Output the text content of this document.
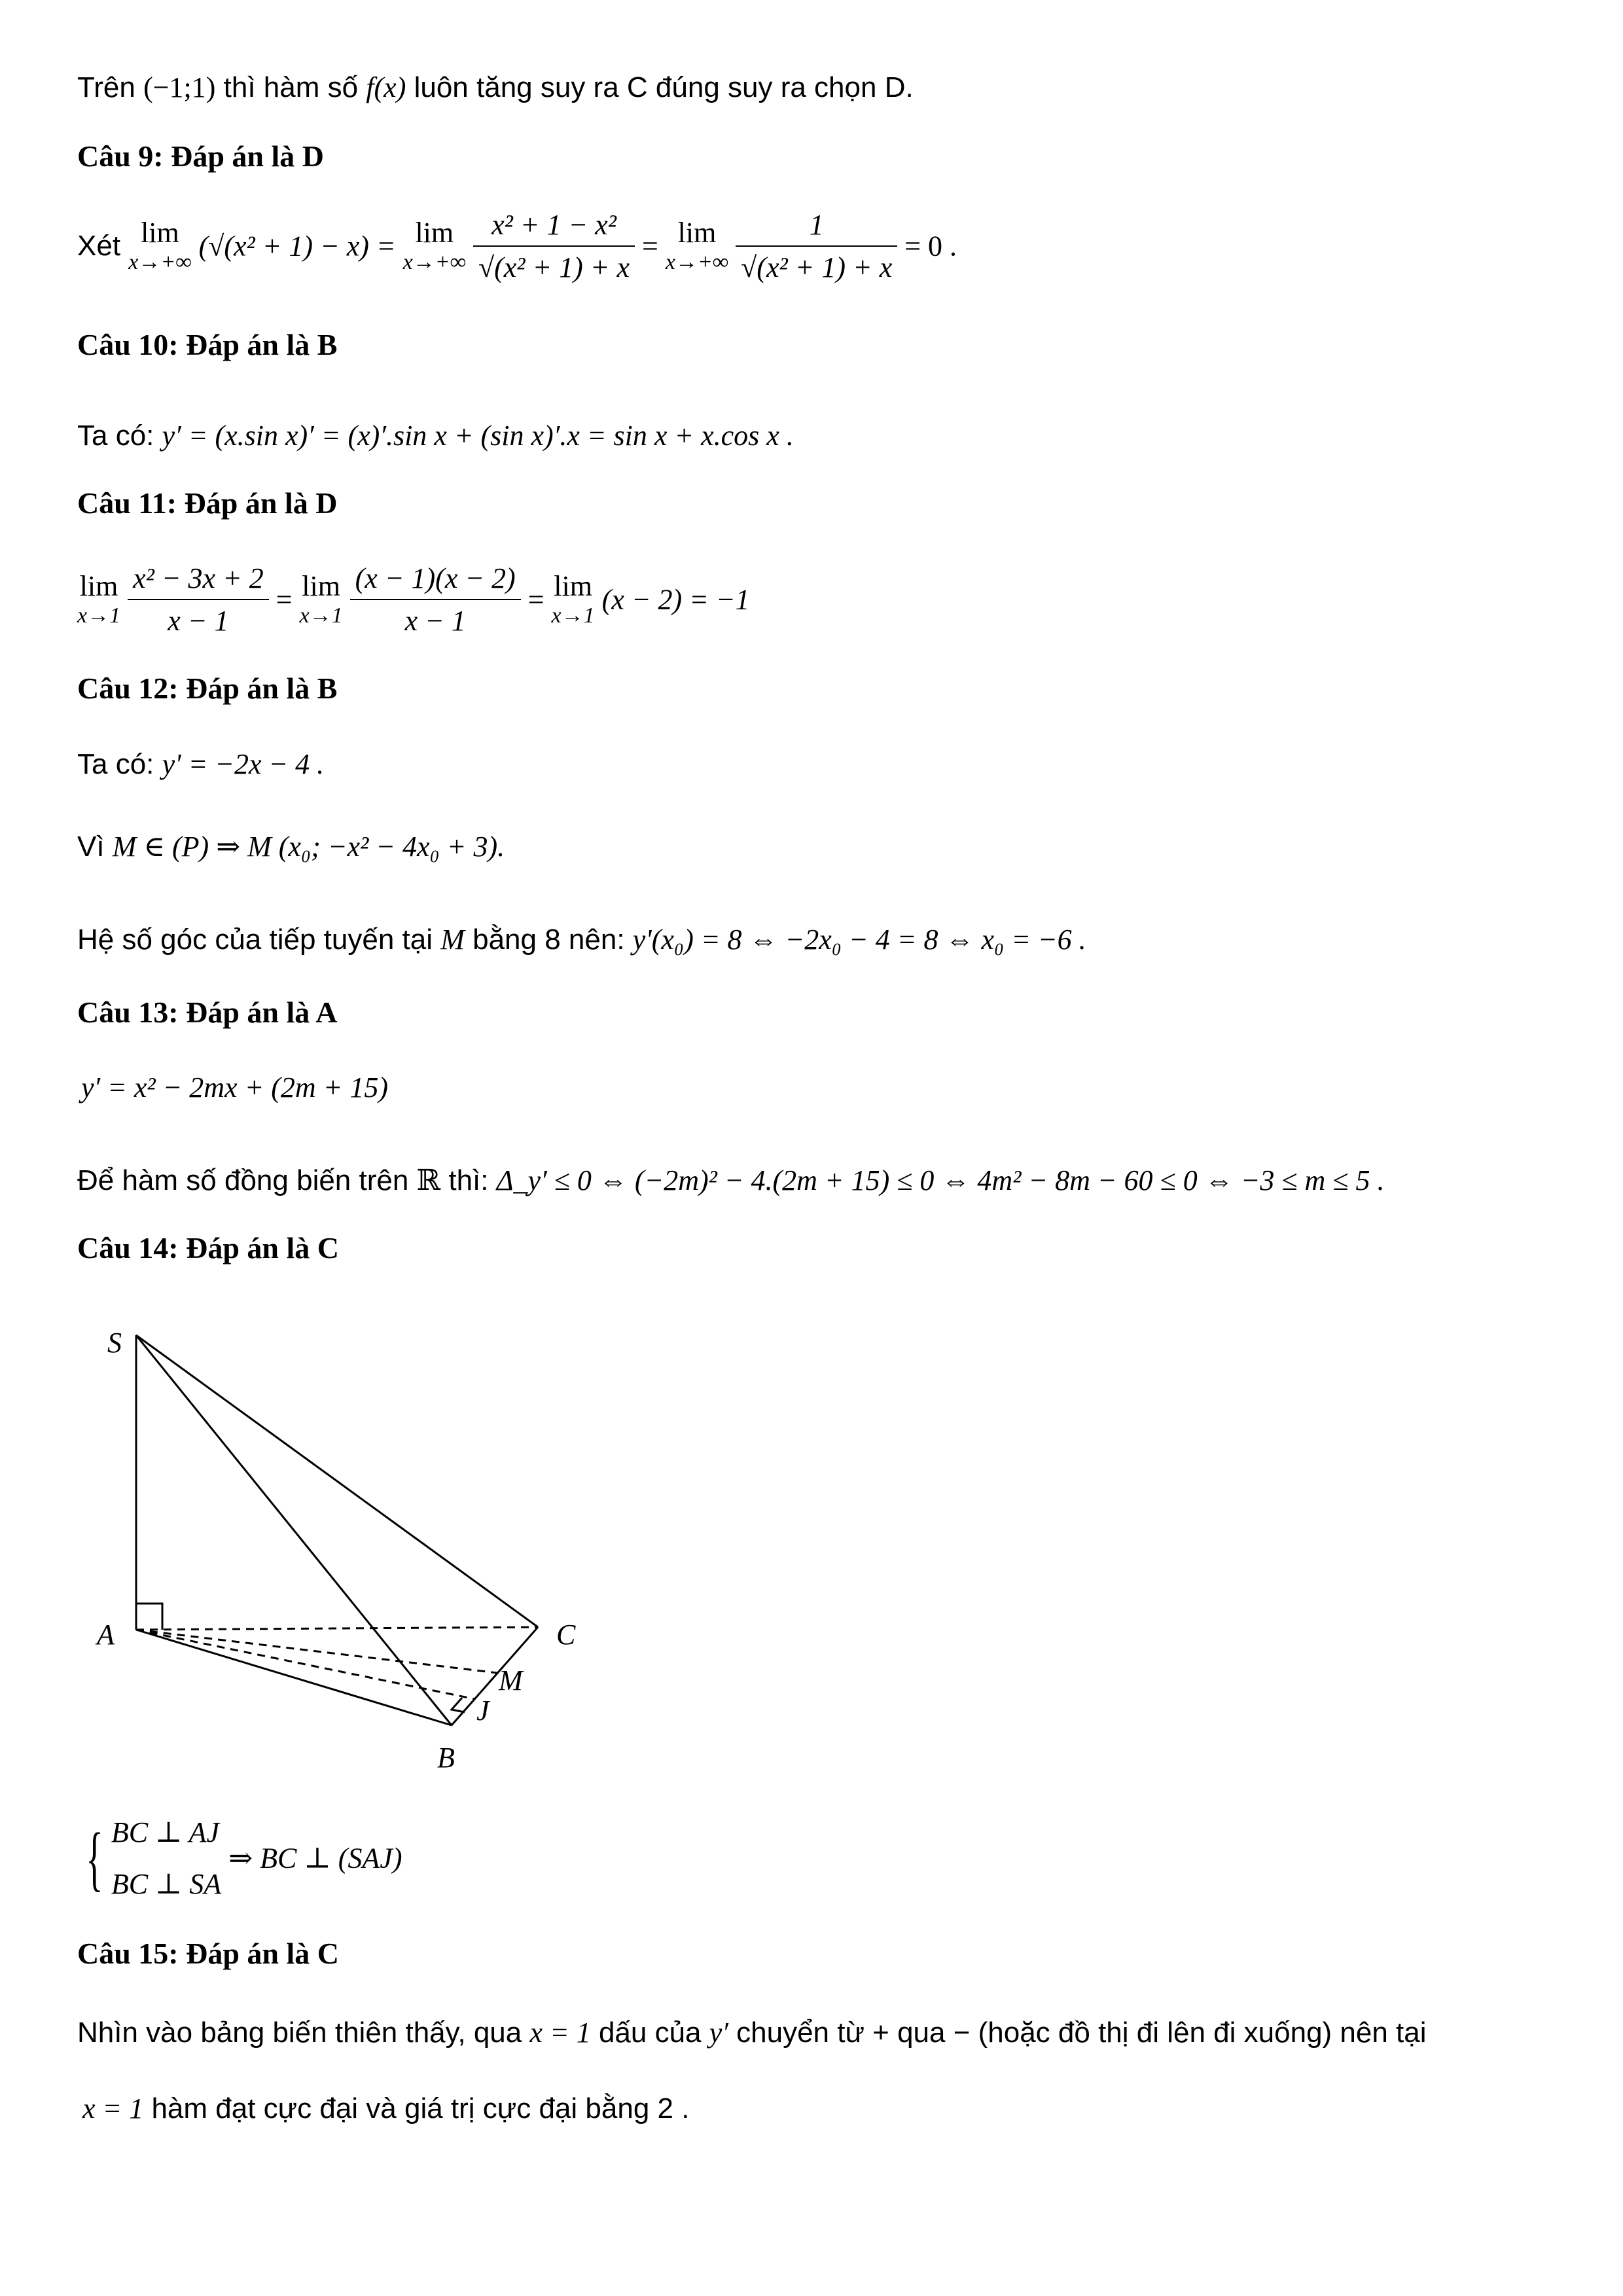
Trên (−1;1) thì hàm số f(x) luôn tăng suy ra C đúng suy ra chọn D.
Câu 9: Đáp án là D
Xét lim
x→+∞ (√(x² + 1) − x) = lim
x→+∞
$\frac{\text{x² + 1 − x²}}{\text{√(x² + 1) + x}} = \lim$
x→+∞
$\frac{1}{\text{√(x² + 1) + x}} = 0$ .
Câu 10: Đáp án là B
Ta có: y′ = (x.sin x)′ = (x)′.sin x + (sin x)′.x = sin x + x.cos x .
Câu 11: Đáp án là D
lim
x→1
$\frac{\text{x² − 3x + 2}}{x - 1} = \lim$
x→1
$\frac{(x - 1)(x - 2)}{x - 1} = \lim$
x→1 (x − 2) = −1
Câu 12: Đáp án là B
Ta có: y' = −2x − 4 .
Vì M ∈ (P) ⇒ M (x₀; −x² − 4x₀ + 3).
Hệ số góc của tiếp tuyến tại M bằng 8 nên: y'(x₀) = 8 ⇔ −2x₀ − 4 = 8 ⇔ x₀ = −6 .
Câu 13: Đáp án là A
y′ = x² − 2mx + (2m + 15)
Để hàm số đồng biến trên ℝ thì: Δ_y′ ≤ 0 ⇔ (−2m)² − 4.(2m + 15) ≤ 0 ⇔ 4m² − 8m − 60 ≤ 0 ⇔ −3 ≤ m ≤ 5 .
Câu 14: Đáp án là C
S
A	C
M
J
B
{ BC ⊥ AJ
BC ⊥ SA
⇒ BC ⊥ (SAJ)
Câu 15: Đáp án là C
Nhìn vào bảng biến thiên thấy, qua x = 1 dấu của y′ chuyển từ + qua − (hoặc đồ thị đi lên đi xuống) nên tại
x = 1 hàm đạt cực đại và giá trị cực đại bằng 2 .
